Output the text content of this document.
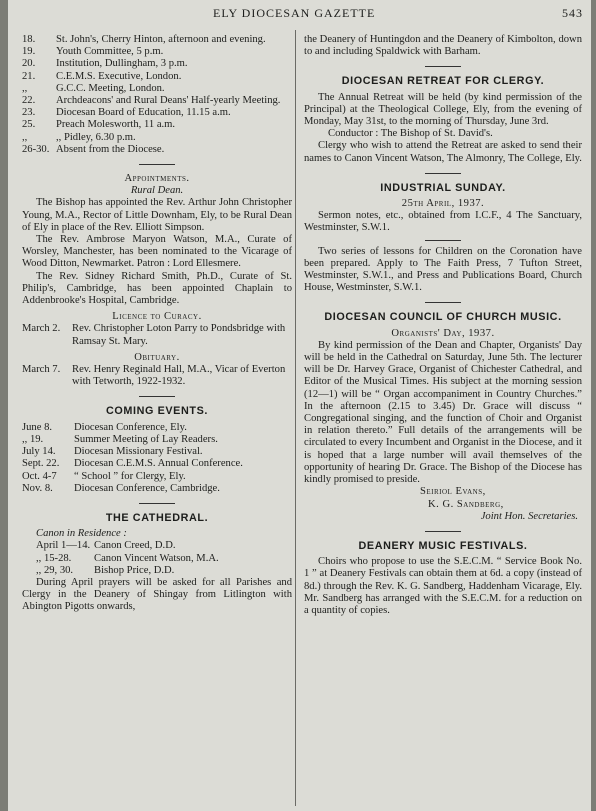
ELY DIOCESAN GAZETTE	543
18.	St. John's, Cherry Hinton, afternoon and evening.
19.	Youth Committee, 5 p.m.
20.	Institution, Dullingham, 3 p.m.
21.	C.E.M.S. Executive, London.
,,	G.C.C. Meeting, London.
22.	Archdeacons' and Rural Deans' Half-yearly Meeting.
23.	Diocesan Board of Education, 11.15 a.m.
25.	Preach Molesworth, 11 a.m.
,,	,, Pidley, 6.30 p.m.
26-30. Absent from the Diocese.
Appointments.
Rural Dean.

The Bishop has appointed the Rev. Arthur John Christopher Young, M.A., Rector of Little Downham, Ely, to be Rural Dean of Ely in place of the Rev. Elliott Simpson.

The Rev. Ambrose Maryon Watson, M.A., Curate of Worsley, Manchester, has been nominated to the Vicarage of Wood Ditton, Newmarket. Patron : Lord Ellesmere.

The Rev. Sidney Richard Smith, Ph.D., Curate of St. Philip's, Cambridge, has been appointed Chaplain to Addenbrooke's Hospital, Cambridge.

Licence to Curacy.
March 2.	Rev. Christopher Loton Parry to Pondsbridge with Ramsay St. Mary.
Obituary.
March 7.	Rev. Henry Reginald Hall, M.A., Vicar of Everton with Tetworth, 1922-1932.
COMING EVENTS.
June 8.	Diocesan Conference, Ely.
,, 19.	Summer Meeting of Lay Readers.
July 14.	Diocesan Missionary Festival.
Sept. 22.	Diocesan C.E.M.S. Annual Conference.
Oct. 4-7	“ School ” for Clergy, Ely.
Nov. 8.	Diocesan Conference, Cambridge.
THE CATHEDRAL.
Canon in Residence :
April 1—14. Canon Creed, D.D.
,, 15-28.	Canon Vincent Watson, M.A.
,, 29, 30.	Bishop Price, D.D.

During April prayers will be asked for all Parishes and Clergy in the Deanery of Shingay from Litlington with Abington Pigotts onwards,

the Deanery of Huntingdon and the Deanery of Kimbolton, down to and including Spaldwick with Barham.

DIOCESAN RETREAT FOR CLERGY.

The Annual Retreat will be held (by kind permission of the Principal) at the Theological College, Ely, from the evening of Monday, May 31st, to the morning of Thursday, June 3rd.

Conductor : The Bishop of St. David's.

Clergy who wish to attend the Retreat are asked to send their names to Canon Vincent Watson, The Almonry, The College, Ely.

INDUSTRIAL SUNDAY.
25th April, 1937.

Sermon notes, etc., obtained from I.C.F., 4 The Sanctuary, Westminster, S.W.1.

Two series of lessons for Children on the Coronation have been prepared. Apply to The Faith Press, 7 Tufton Street, Westminster, S.W.1., and Press and Publications Board, Church House, Westminster, S.W.1.

DIOCESAN COUNCIL OF CHURCH MUSIC.
Organists' Day, 1937.

By kind permission of the Dean and Chapter, Organists' Day will be held in the Cathedral on Saturday, June 5th. The lecturer will be Dr. Harvey Grace, Organist of Chichester Cathedral, and Editor of the Musical Times. His subject at the morning session (12—1) will be “ Organ accompaniment in Country Churches.” In the afternoon (2.15 to 3.45) Dr. Grace will discuss “ Congregational singing, and the function of Choir and Organist in relation thereto.” Full details of the arrangements will be circulated to every Incumbent and Organist in the Diocese, and it is hoped that a large number will avail themselves of the opportunity of hearing Dr. Grace. The Bishop of the Diocese has kindly promised to preside.

Seiriol Evans,
K. G. Sandberg,
Joint Hon. Secretaries.
DEANERY MUSIC FESTIVALS.

Choirs who propose to use the S.E.C.M. “ Service Book No. 1 ” at Deanery Festivals can obtain them at 6d. a copy (instead of 8d.) through the Rev. K. G. Sandberg, Haddenham Vicarage, Ely. Mr. Sandberg has arranged with the S.E.C.M. for a reduction on a quantity of copies.
